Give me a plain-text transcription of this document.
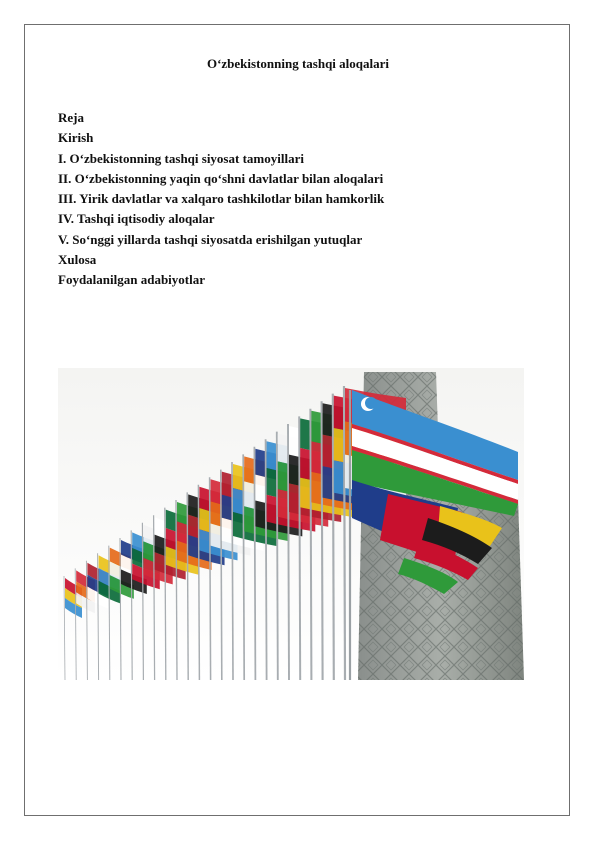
O‘zbekistonning tashqi aloqalari
Reja
Kirish
I. O‘zbekistonning tashqi siyosat tamoyillari
II. O‘zbekistonning yaqin qo‘shni davlatlar bilan aloqalari
III. Yirik davlatlar va xalqaro tashkilotlar bilan hamkorlik
IV. Tashqi iqtisodiy aloqalar
V. So‘nggi yillarda tashqi siyosatda erishilgan yutuqlar
Xulosa
Foydalanilgan adabiyotlar
